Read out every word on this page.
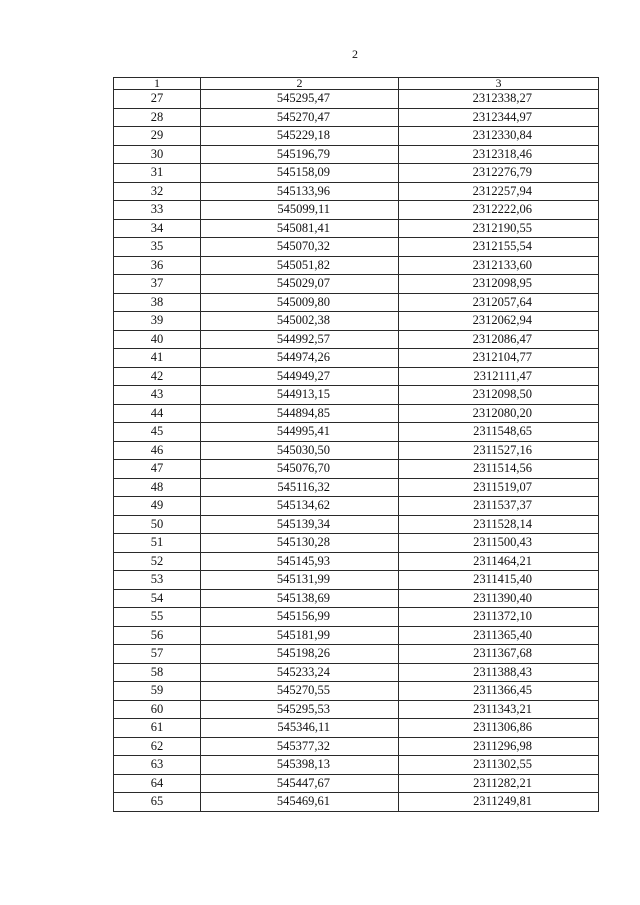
2
1	2	3
27	545295,47	2312338,27
28	545270,47	2312344,97
29	545229,18	2312330,84
30	545196,79	2312318,46
31	545158,09	2312276,79
32	545133,96	2312257,94
33	545099,11	2312222,06
34	545081,41	2312190,55
35	545070,32	2312155,54
36	545051,82	2312133,60
37	545029,07	2312098,95
38	545009,80	2312057,64
39	545002,38	2312062,94
40	544992,57	2312086,47
41	544974,26	2312104,77
42	544949,27	2312111,47
43	544913,15	2312098,50
44	544894,85	2312080,20
45	544995,41	2311548,65
46	545030,50	2311527,16
47	545076,70	2311514,56
48	545116,32	2311519,07
49	545134,62	2311537,37
50	545139,34	2311528,14
51	545130,28	2311500,43
52	545145,93	2311464,21
53	545131,99	2311415,40
54	545138,69	2311390,40
55	545156,99	2311372,10
56	545181,99	2311365,40
57	545198,26	2311367,68
58	545233,24	2311388,43
59	545270,55	2311366,45
60	545295,53	2311343,21
61	545346,11	2311306,86
62	545377,32	2311296,98
63	545398,13	2311302,55
64	545447,67	2311282,21
65	545469,61	2311249,81
